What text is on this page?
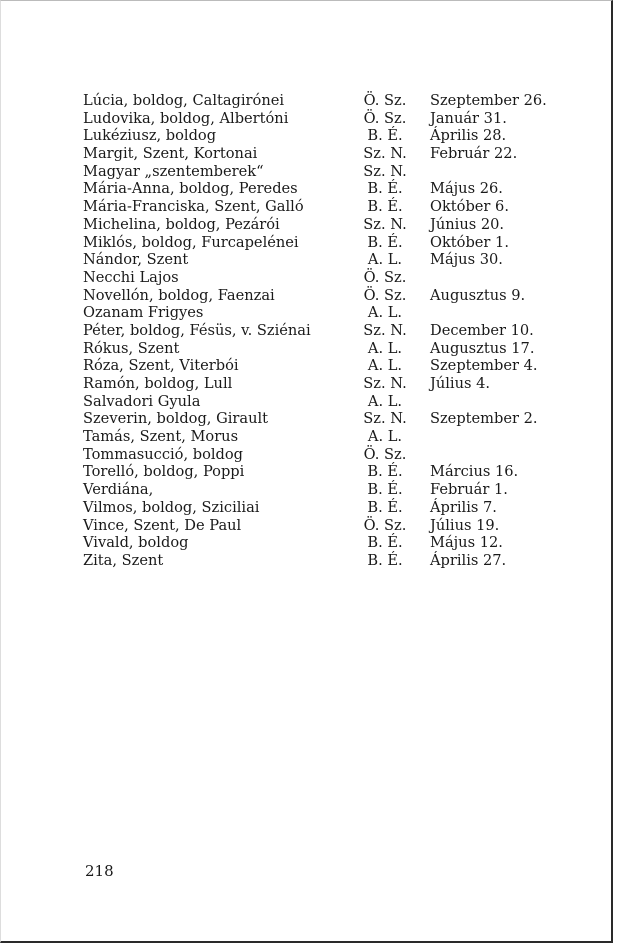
Lúcia, boldog, Caltagirónei	Ö. Sz.	Szeptember 26.
Ludovika, boldog, Albertóni	Ö. Sz.	Január 31.
Lukéziusz, boldog	B. É.	Április 28.
Margit, Szent, Kortonai	Sz. N.	Február 22.
Magyar „szentemberek“	Sz. N.
Mária-Anna, boldog, Peredes	B. É.	Május 26.
Mária-Franciska, Szent, Galló	B. É.	Október 6.
Michelina, boldog, Pezárói	Sz. N.	Június 20.
Miklós, boldog, Furcapelénei	B. É.	Október 1.
Nándor, Szent	A. L.	Május 30.
Necchi Lajos	Ö. Sz.
Novellón, boldog, Faenzai	Ö. Sz.	Augusztus 9.
Ozanam Frigyes	A. L.
Péter, boldog, Fésüs, v. Sziénai	Sz. N.	December 10.
Rókus, Szent	A. L.	Augusztus 17.
Róza, Szent, Viterbói	A. L.	Szeptember 4.
Ramón, boldog, Lull	Sz. N.	Július 4.
Salvadori Gyula	A. L.
Szeverin, boldog, Girault	Sz. N.	Szeptember 2.
Tamás, Szent, Morus	A. L.
Tommasucció, boldog	Ö. Sz.
Torelló, boldog, Poppi	B. É.	Március 16.
Verdiána,	B. É.	Február 1.
Vilmos, boldog, Sziciliai	B. É.	Április 7.
Vince, Szent, De Paul	Ö. Sz.	Július 19.
Vivald, boldog	B. É.	Május 12.
Zita, Szent	B. É.	Április 27.
218
